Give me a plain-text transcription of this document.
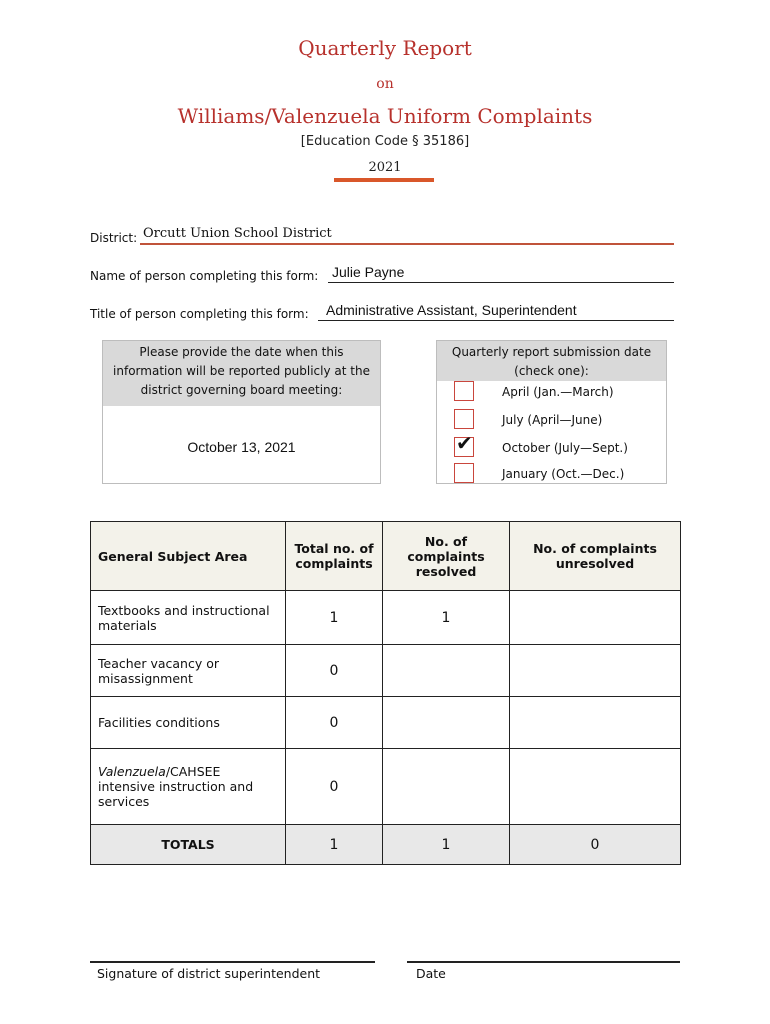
Quarterly Report
on
Williams/Valenzuela Uniform Complaints
[Education Code § 35186]
2021
District: Orcutt Union School District
Name of person completing this form: Julie Payne
Title of person completing this form: Administrative Assistant, Superintendent
Please provide the date when this information will be reported publicly at the district governing board meeting:
October 13, 2021
Quarterly report submission date (check one):
April (Jan.—March)
July (April—June)
✔ October (July—Sept.)
January (Oct.—Dec.)
General Subject Area	Total no. of complaints	No. of complaints resolved	No. of complaints unresolved
Textbooks and instructional materials	1	1	
Teacher vacancy or misassignment	0		
Facilities conditions	0		
Valenzuela/CAHSEE intensive instruction and services	0		
TOTALS	1	1	0
Signature of district superintendent	Date
